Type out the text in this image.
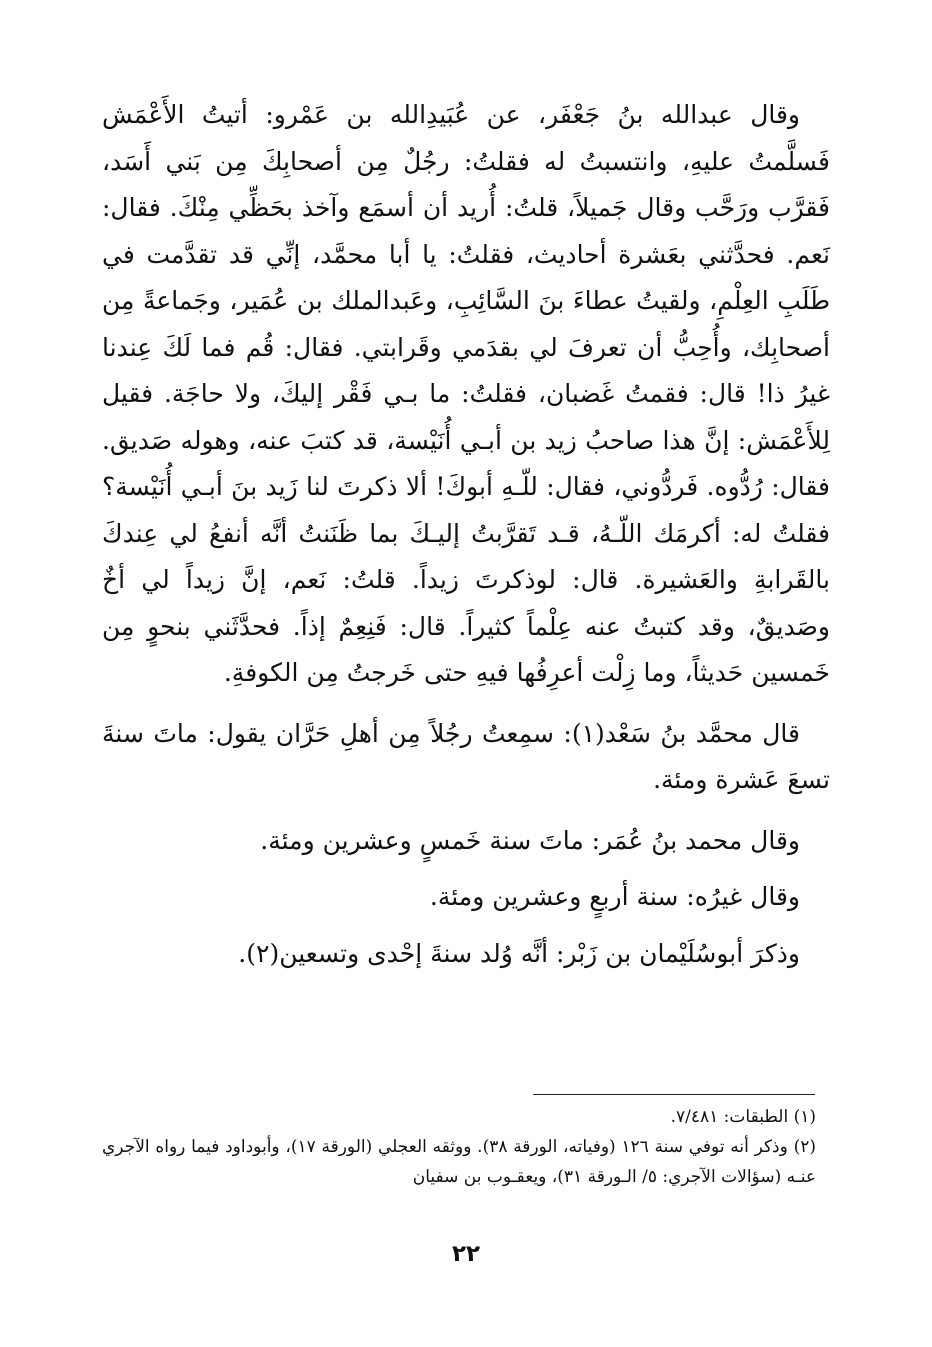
وقال عبدالله بنُ جَعْفَر، عن عُبَيدِالله بن عَمْرو: أتيتُ الأَعْمَش فَسلَّمتُ عليهِ، وانتسبتُ له فقلتُ: رجُلٌ مِن أصحابِكَ مِن بَني أَسَد، فَقرَّب ورَحَّب وقال جَميلاً، قلتُ: أُريد أن أسمَع وآخذ بحَظِّي مِنْكَ. فقال: نَعم. فحدَّثني بعَشرة أحاديث، فقلتُ: يا أبا محمَّد، إنِّي قد تقدَّمت في طَلَبِ العِلْمِ، ولقيتُ عطاءَ بنَ السَّائِبِ، وعَبدالملك بن عُمَير، وجَماعةً مِن أصحابِك، وأُحِبُّ أن تعرفَ لي بقدَمي وقَرابتي. فقال: قُم فما لَكَ عِندنا غيرُ ذا! قال: فقمتُ غَضبان، فقلتُ: ما بـي فَقْر إليكَ، ولا حاجَة. فقيل لِلأَعْمَش: إنَّ هذا صاحبُ زيد بن أبـي أُنَيْسة، قد كتبَ عنه، وهوله صَديق. فقال: رُدُّوه. فَردُّوني، فقال: للّـهِ أبوكَ! ألا ذكرتَ لنا زَيد بنَ أبـي أُنَيْسة؟ فقلتُ له: أكرمَك اللّـهُ، قـد تَقرَّبتُ إليـكَ بما ظَنَنتُ أنَّه أنفعُ لي عِندكَ بالقَرابةِ والعَشيرة. قال: لوذكرتَ زيداً. قلتُ: نَعم، إنَّ زيداً لي أخٌ وصَديقٌ، وقد كتبتُ عنه عِلْماً كثيراً. قال: فَنِعِمٌ إذاً. فحدَّثَني بنحوٍ مِن خَمسين حَديثاً، وما زِلْت أعرِفُها فيهِ حتى خَرجتُ مِن الكوفةِ.

قال محمَّد بنُ سَعْد(١): سمِعتُ رجُلاً مِن أهلِ حَرَّان يقول: ماتَ سنةَ تسعَ عَشرة ومئة.

وقال محمد بنُ عُمَر: ماتَ سنة خَمسٍ وعشرين ومئة.

وقال غيرُه: سنة أربعٍ وعشرين ومئة.

وذكرَ أبوسُلَيْمان بن زَبْر: أنَّه وُلد سنةَ إحْدى وتسعين(٢).

(١) الطبقات: ٧/٤٨١.

(٢) وذكر أنه توفي سنة ١٢٦ (وفياته، الورقة ٣٨). ووثقه العجلي (الورقة ١٧)، وأبوداود فيما رواه الآجري عنـه (سؤالات الآجري: ٥/ الـورقة ٣١)، ويعقـوب بن سفيان

٢٢
